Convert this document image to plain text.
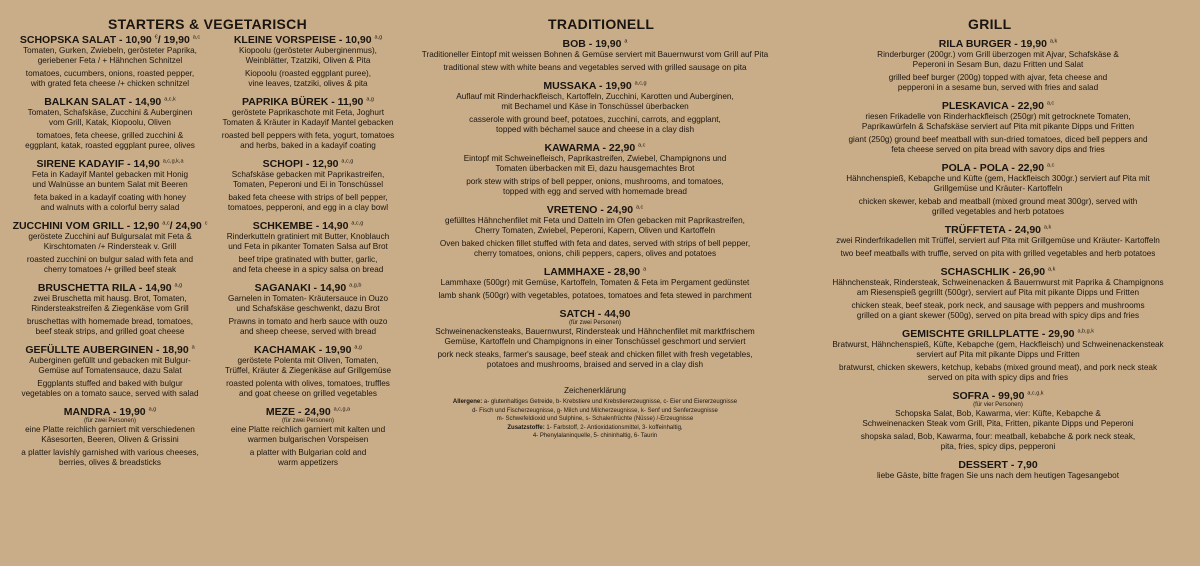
STARTERS & VEGETARISCH	TRADITIONELL	GRILL
SCHOPSKA SALAT - 10,90 €/ 19,90 $^{a,c}$
Tomaten, Gurken, Zwiebeln, gerösteter Paprika,
geriebener Feta / + Hähnchen Schnitzel
tomatoes, cucumbers, onions, roasted pepper,
with grated feta cheese /+ chicken schnitzel
BALKAN SALAT - 14,90 $^{a,c,k}$
Tomaten, Schafskäse, Zucchini & Auberginen
vom Grill, Katak, Kiopoolu, Oliven
tomatoes, feta cheese, grilled zucchini &
eggplant, katak, roasted eggplant puree, olives
SIRENE KADAYIF - 14,90 $^{a,c,g,k,a}$
Feta in Kadayif Mantel gebacken mit Honig
und Walnüsse an buntem Salat mit Beeren
feta baked in a kadayif coating with honey
and walnuts with a colorful berry salad
ZUCCHINI VOM GRILL - 12,90 $^{a,c}$/ 24,90 $^c$
geröstete Zucchini auf Bulgursalat mit Feta &
Kirschtomaten /+ Rindersteak v. Grill
roasted zucchini on bulgur salad with feta and
cherry tomatoes /+ grilled beef steak
BRUSCHETTA RILA - 14,90 $^{a,g}$
zwei Bruschetta mit hausg. Brot, Tomaten,
Rindersteakstreifen & Ziegenkäse vom Grill
bruschettas with homemade bread, tomatoes,
beef steak strips, and grilled goat cheese
GEFÜLLTE AUBERGINEN - 18,90 $^a$
Auberginen gefüllt und gebacken mit Bulgur-
Gemüse auf Tomatensauce, dazu Salat
Eggplants stuffed and baked with bulgur
vegetables on a tomato sauce, served with salad
MANDRA - 19,90 $^{a,g}$
(für zwei Personen)
eine Platte reichlich garniert mit verschiedenen
Käsesorten, Beeren, Oliven & Grissini
a platter lavishly garnished with various cheeses,
berries, olives & breadsticks
KLEINE VORSPEISE - 10,90 $^{a,g}$
Kiopoolu (gerösteter Auberginenmus),
Weinblätter, Tzatziki, Oliven & Pita
Kiopoolu (roasted eggplant puree),
vine leaves, tzatziki, olives & pita
PAPRIKA BÜREK - 11,90 $^{a,g}$
geröstete Paprikaschote mit Feta, Joghurt
Tomaten & Kräuter in Kadayif Mantel gebacken
roasted bell peppers with feta, yogurt, tomatoes
and herbs, baked in a kadayif coating
SCHOPI - 12,90 $^{a,c,g}$
Schafskäse gebacken mit Paprikastreifen,
Tomaten, Peperoni und Ei in Tonschüssel
baked feta cheese with strips of bell pepper,
tomatoes, pepperoni, and egg in a clay bowl
SCHKEMBE - 14,90 $^{a,c,g}$
Rinderkutteln gratiniert mit Butter, Knoblauch
und Feta in pikanter Tomaten Salsa auf Brot
beef tripe gratinated with butter, garlic,
and feta cheese in a spicy salsa on bread
SAGANAKI - 14,90 $^{a,g,b}$
Garnelen in Tomaten- Kräutersauce in Ouzo
und Schafskäse geschwenkt, dazu Brot
Prawns in tomato and herb sauce with ouzo
and sheep cheese, served with bread
KACHAMAK - 19,90 $^{a,g}$
geröstete Polenta mit Oliven, Tomaten,
Trüffel, Kräuter & Ziegenkäse auf Grillgemüse
roasted polenta with olives, tomatoes, truffles
and goat cheese on grilled vegetables
MEZE - 24,90 $^{a,c,g,a}$
(für zwei Personen)
eine Platte reichlich garniert mit kalten und
warmen bulgarischen Vorspeisen
a platter with Bulgarian cold and
warm appetizers
BOB - 19,90 $^a$
Traditioneller Eintopf mit weissen Bohnen & Gemüse serviert mit Bauernwurst vom Grill auf Pita
traditional stew with white beans and vegetables served with grilled sausage on pita
MUSSAKA - 19,90 $^{a,c,g}$
Auflauf mit Rinderhackfleisch, Kartoffeln, Zucchini, Karotten und Auberginen,
mit Bechamel und Käse in Tonschüssel überbacken
casserole with ground beef, potatoes, zucchini, carrots, and eggplant,
topped with béchamel sauce and cheese in a clay dish
KAWARMA - 22,90 $^{a,c}$
Eintopf mit Schweinefleisch, Paprikastreifen, Zwiebel, Champignons und
Tomaten überbacken mit Ei, dazu hausgemachtes Brot
pork stew with strips of bell pepper, onions, mushrooms, and tomatoes,
topped with egg and served with homemade bread
VRETENO - 24,90 $^{a,c}$
gefülltes Hähnchenfilet mit Feta und Datteln im Ofen gebacken mit Paprikastreifen,
Cherry Tomaten, Zwiebel, Peperoni, Kapern, Oliven und Kartoffeln
Oven baked chicken fillet stuffed with feta and dates, served with strips of bell pepper,
cherry tomatoes, onions, chili peppers, capers, olives and potatoes
LAMMHAXE - 28,90 $^a$
Lammhaxe (500gr) mit Gemüse, Kartoffeln, Tomaten & Feta im Pergament gedünstet
lamb shank (500gr) with vegetables, potatoes, tomatoes and feta stewed in parchment
SATCH - 44,90
(für zwei Personen)
Schweinenackensteaks, Bauernwurst, Rindersteak und Hähnchenfilet mit marktfrischem
Gemüse, Kartoffeln und Champignons in einer Tonschüssel geschmort und serviert
pork neck steaks, farmer's sausage, beef steak and chicken fillet with fresh vegetables,
potatoes and mushrooms, braised and served in a clay dish
Zeichenerklärung
Allergene: a- glutenhaltiges Getreide, b- Krebstiere und Krebstiererzeugnisse, c- Eier und Eiererzeugnisse
d- Fisch und Fischerzeugnisse, g- Milch und Milcherzeugnisse, k- Senf und Senferzeugnisse
m- Schwefeldioxid und Sulphine, s- Schalenfrüchte (Nüsse) /-Erzeugnisse
Zusatzstoffe: 1- Farbstoff, 2- Antioxidationsmittel, 3- koffeinhaltig,
4- Phenylalaninquelle, 5- chininhaltig, 6- Taurin
RILA BURGER - 19,90 $^{a,k}$
Rinderburger (200gr.) vom Grill überzogen mit Ajvar, Schafskäse &
Peperoni in Sesam Bun, dazu Fritten und Salat
grilled beef burger (200g) topped with ajvar, feta cheese and
pepperoni in a sesame bun, served with fries and salad
PLESKAVICA - 22,90 $^{a,c}$
riesen Frikadelle von Rinderhackfleisch (250gr) mit getrocknete Tomaten,
Paprikawürfeln & Schafskäse serviert auf Pita mit pikante Dipps und Fritten
giant (250g) ground beef meatball with sun-dried tomatoes, diced bell peppers and
feta cheese served on pita bread with savory dips and fries
POLA - POLA - 22,90 $^{a,c}$
Hähnchenspieß, Kebapche und Küfte (gem, Hackfleisch 300gr.) serviert auf Pita mit
Grillgemüse und Kräuter- Kartoffeln
chicken skewer, kebab and meatball (mixed ground meat 300gr), served with
grilled vegetables and herb potatoes
TRÜFFTETA - 24,90 $^{a,k}$
zwei Rinderfrikadellen mit Trüffel, serviert auf Pita mit Grillgemüse und Kräuter- Kartoffeln
two beef meatballs with truffle, served on pita with grilled vegetables and herb potatoes
SCHASCHLIK - 26,90 $^{a,k}$
Hähnchensteak, Rindersteak, Schweinenacken & Bauernwurst mit Paprika & Champignons
am Riesenspieß gegrillt (500gr), serviert auf Pita mit pikante Dipps und Fritten
chicken steak, beef steak, pork neck, and sausage with peppers and mushrooms
grilled on a giant skewer (500g), served on pita bread with spicy dips and fries
GEMISCHTE GRILLPLATTE - 29,90 $^{a,b,g,k}$
Bratwurst, Hähnchenspieß, Küfte, Kebapche (gem, Hackfleisch) und Schweinenackensteak
serviert auf Pita mit pikante Dipps und Fritten
bratwurst, chicken skewers, ketchup, kebabs (mixed ground meat), and pork neck steak
served on pita with spicy dips and fries
SOFRA - 99,90 $^{a,c,g,k}$
(für vier Personen)
Schopska Salat, Bob, Kawarma, vier: Küfte, Kebapche &
Schweinenacken Steak vom Grill, Pita, Fritten, pikante Dipps und Peperoni
shopska salad, Bob, Kawarma, four: meatball, kebabche & pork neck steak,
pita, fries, spicy dips, pepperoni
DESSERT - 7,90
liebe Gäste, bitte fragen Sie uns nach dem heutigen Tagesangebot
